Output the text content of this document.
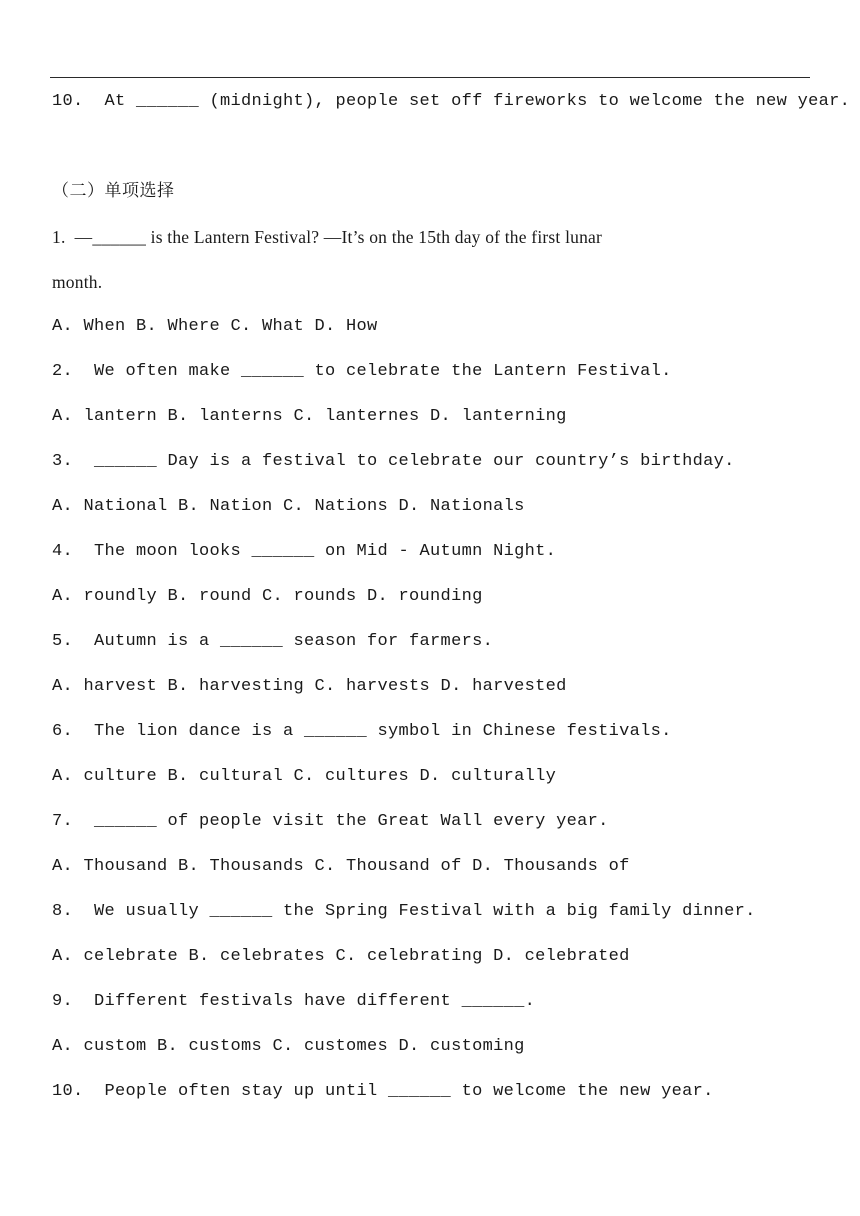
10.  At ______ (midnight), people set off fireworks to welcome the new year.
（二）单项选择
1.  —______ is the Lantern Festival? —It’s on the 15th day of the first lunar
month.
A. When B. Where C. What D. How
2.  We often make ______ to celebrate the Lantern Festival.
A. lantern B. lanterns C. lanternes D. lanterning
3.  ______ Day is a festival to celebrate our country’s birthday.
A. National B. Nation C. Nations D. Nationals
4.  The moon looks ______ on Mid - Autumn Night.
A. roundly B. round C. rounds D. rounding
5.  Autumn is a ______ season for farmers.
A. harvest B. harvesting C. harvests D. harvested
6.  The lion dance is a ______ symbol in Chinese festivals.
A. culture B. cultural C. cultures D. culturally
7.  ______ of people visit the Great Wall every year.
A. Thousand B. Thousands C. Thousand of D. Thousands of
8.  We usually ______ the Spring Festival with a big family dinner.
A. celebrate B. celebrates C. celebrating D. celebrated
9.  Different festivals have different ______.
A. custom B. customs C. customes D. customing
10.  People often stay up until ______ to welcome the new year.
